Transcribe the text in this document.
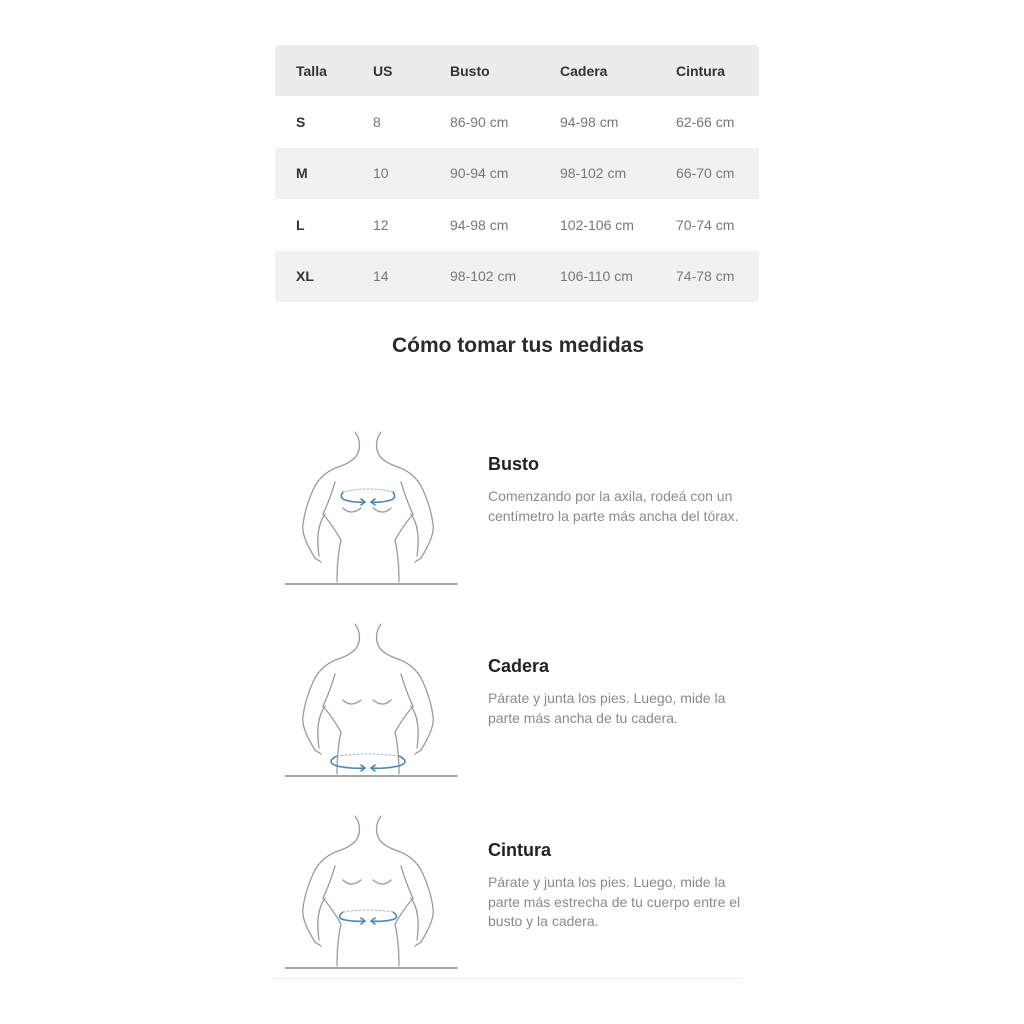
Talla	US	Busto	Cadera	Cintura
S	8	86-90 cm	94-98 cm	62-66 cm
M	10	90-94 cm	98-102 cm	66-70 cm
L	12	94-98 cm	102-106 cm	70-74 cm
XL	14	98-102 cm	106-110 cm	74-78 cm
Cómo tomar tus medidas

Busto

Comenzando por la axila, rodeá con un centímetro la parte más ancha del tórax.

Cadera

Párate y junta los pies. Luego, mide la parte más ancha de tu cadera.

Cintura

Párate y junta los pies. Luego, mide la parte más estrecha de tu cuerpo entre el busto y la cadera.
